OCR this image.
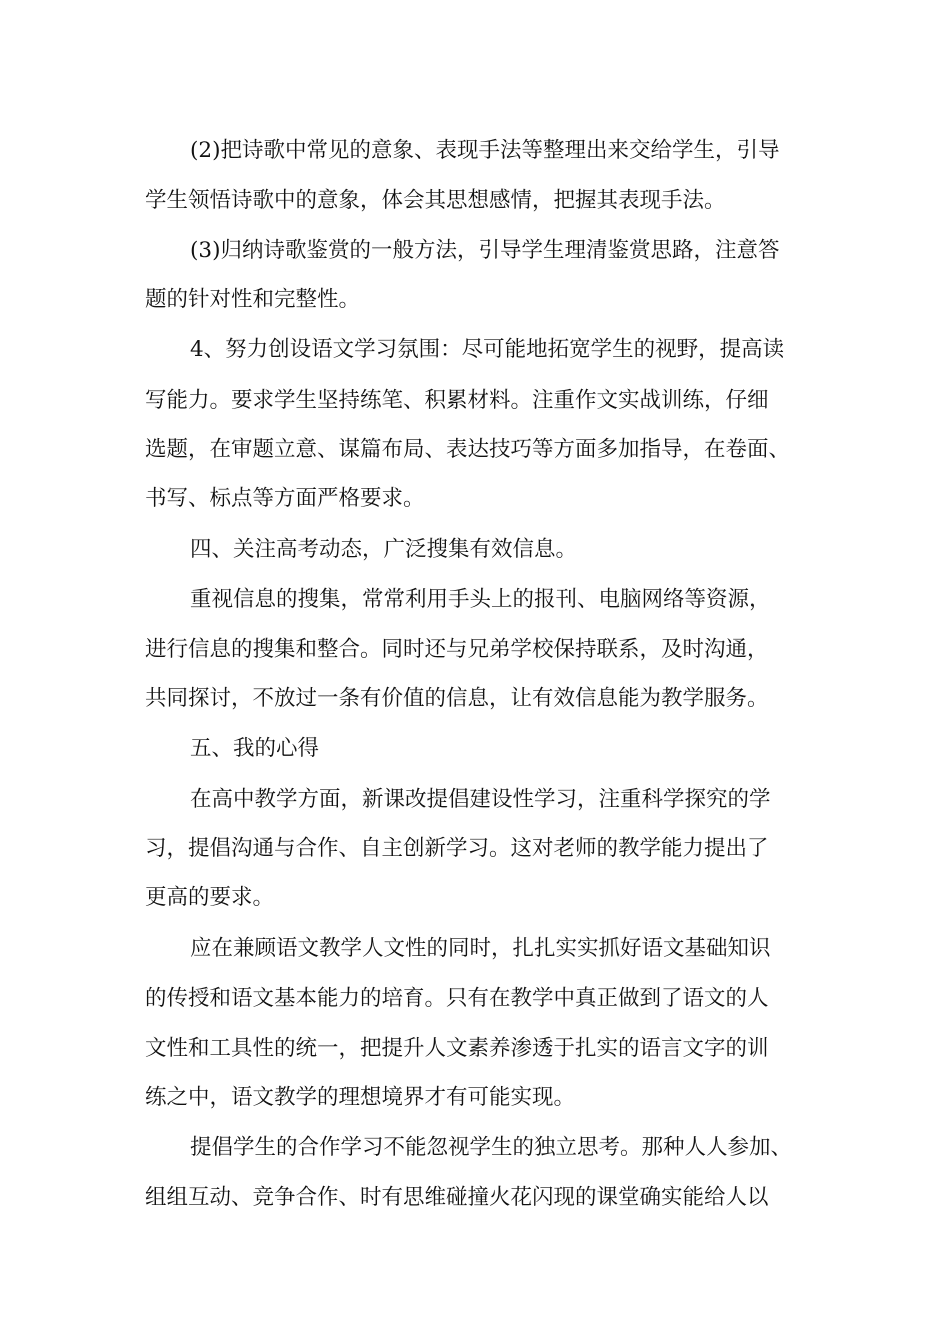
(2)把诗歌中常见的意象、表现手法等整理出来交给学生，引导
学生领悟诗歌中的意象，体会其思想感情，把握其表现手法。
(3)归纳诗歌鉴赏的一般方法，引导学生理清鉴赏思路，注意答
题的针对性和完整性。
4、努力创设语文学习氛围：尽可能地拓宽学生的视野，提高读
写能力。要求学生坚持练笔、积累材料。注重作文实战训练，仔细
选题，在审题立意、谋篇布局、表达技巧等方面多加指导，在卷面、
书写、标点等方面严格要求。
四、关注高考动态，广泛搜集有效信息。
重视信息的搜集，常常利用手头上的报刊、电脑网络等资源，
进行信息的搜集和整合。同时还与兄弟学校保持联系，及时沟通，
共同探讨，不放过一条有价值的信息，让有效信息能为教学服务。
五、我的心得
在高中教学方面，新课改提倡建设性学习，注重科学探究的学
习，提倡沟通与合作、自主创新学习。这对老师的教学能力提出了
更高的要求。
应在兼顾语文教学人文性的同时，扎扎实实抓好语文基础知识
的传授和语文基本能力的培育。只有在教学中真正做到了语文的人
文性和工具性的统一，把提升人文素养渗透于扎实的语言文字的训
练之中，语文教学的理想境界才有可能实现。
提倡学生的合作学习不能忽视学生的独立思考。那种人人参加、
组组互动、竞争合作、时有思维碰撞火花闪现的课堂确实能给人以
